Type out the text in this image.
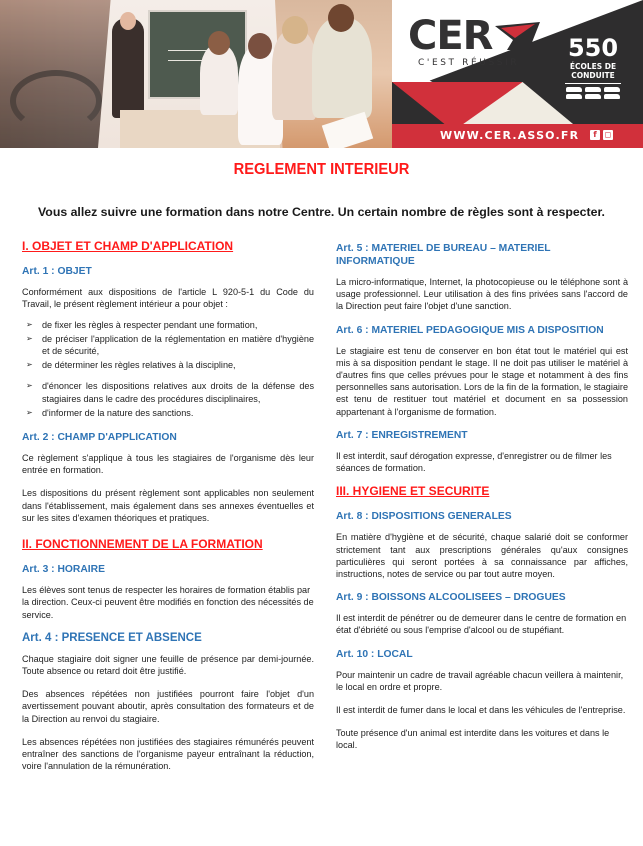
CER
C'EST RÉUSSIR
550
ÉCOLES DE
CONDUITE
WWW.CER.ASSO.FR	f ◻
REGLEMENT INTERIEUR
Vous allez suivre une formation dans notre Centre. Un certain nombre de règles sont à respecter.
I. OBJET ET CHAMP D'APPLICATION
Art. 1 : OBJET

Conformément aux dispositions de l'article L 920-5-1 du Code du Travail, le présent règlement intérieur a pour objet :

➢ de fixer les règles à respecter pendant une formation,
➢ de préciser l'application de la réglementation en matière d'hygiène et de sécurité,
➢ de déterminer les règles relatives à la discipline,
➢ d'énoncer les dispositions relatives aux droits de la défense des stagiaires dans le cadre des procédures disciplinaires,
➢ d'informer de la nature des sanctions.
Art. 2 : CHAMP D'APPLICATION

Ce règlement s'applique à tous les stagiaires de l'organisme dès leur entrée en formation.

Les dispositions du présent règlement sont applicables non seulement dans l'établissement, mais également dans ses annexes éventuelles et sur les sites d'examen théoriques et pratiques.

II. FONCTIONNEMENT DE LA FORMATION
Art. 3 : HORAIRE

Les élèves sont tenus de respecter les horaires de formation établis par la direction. Ceux-ci peuvent être modifiés en fonction des nécessités de service.

Art. 4 : PRESENCE ET ABSENCE

Chaque stagiaire doit signer une feuille de présence par demi-journée. Toute absence ou retard doit être justifié.

Des absences répétées non justifiées pourront faire l'objet d'un avertissement pouvant aboutir, après consultation des formateurs et de la Direction au renvoi du stagiaire.

Les absences répétées non justifiées des stagiaires rémunérés peuvent entraîner des sanctions de l'organisme payeur entraînant la réduction, voire l'annulation de la rémunération.

Art. 5 : MATERIEL DE BUREAU – MATERIEL INFORMATIQUE

La micro-informatique, Internet, la photocopieuse ou le téléphone sont à usage professionnel. Leur utilisation à des fins privées sans l'accord de la Direction peut faire l'objet d'une sanction.

Art. 6 : MATERIEL PEDAGOGIQUE MIS A DISPOSITION

Le stagiaire est tenu de conserver en bon état tout le matériel qui est mis à sa disposition pendant le stage. Il ne doit pas utiliser le matériel à d'autres fins que celles prévues pour le stage et notamment à des fins personnelles sans autorisation. Lors de la fin de la formation, le stagiaire est tenu de restituer tout matériel et document en sa possession appartenant à l'organisme de formation.

Art. 7 : ENREGISTREMENT

Il est interdit, sauf dérogation expresse, d'enregistrer ou de filmer les séances de formation.

III. HYGIENE ET SECURITE
Art. 8 : DISPOSITIONS GENERALES

En matière d'hygiène et de sécurité, chaque salarié doit se conformer strictement tant aux prescriptions générales qu'aux consignes particulières qui seront portées à sa connaissance par affiches, instructions, notes de service ou par tout autre moyen.

Art. 9 : BOISSONS ALCOOLISEES – DROGUES

Il est interdit de pénétrer ou de demeurer dans le centre de formation en état d'ébriété ou sous l'emprise d'alcool ou de stupéfiant.

Art. 10 : LOCAL

Pour maintenir un cadre de travail agréable chacun veillera à maintenir, le local en ordre et propre.

Il est interdit de fumer dans le local et dans les véhicules de l'entreprise.

Toute présence d'un animal est interdite dans les voitures et dans le local.
